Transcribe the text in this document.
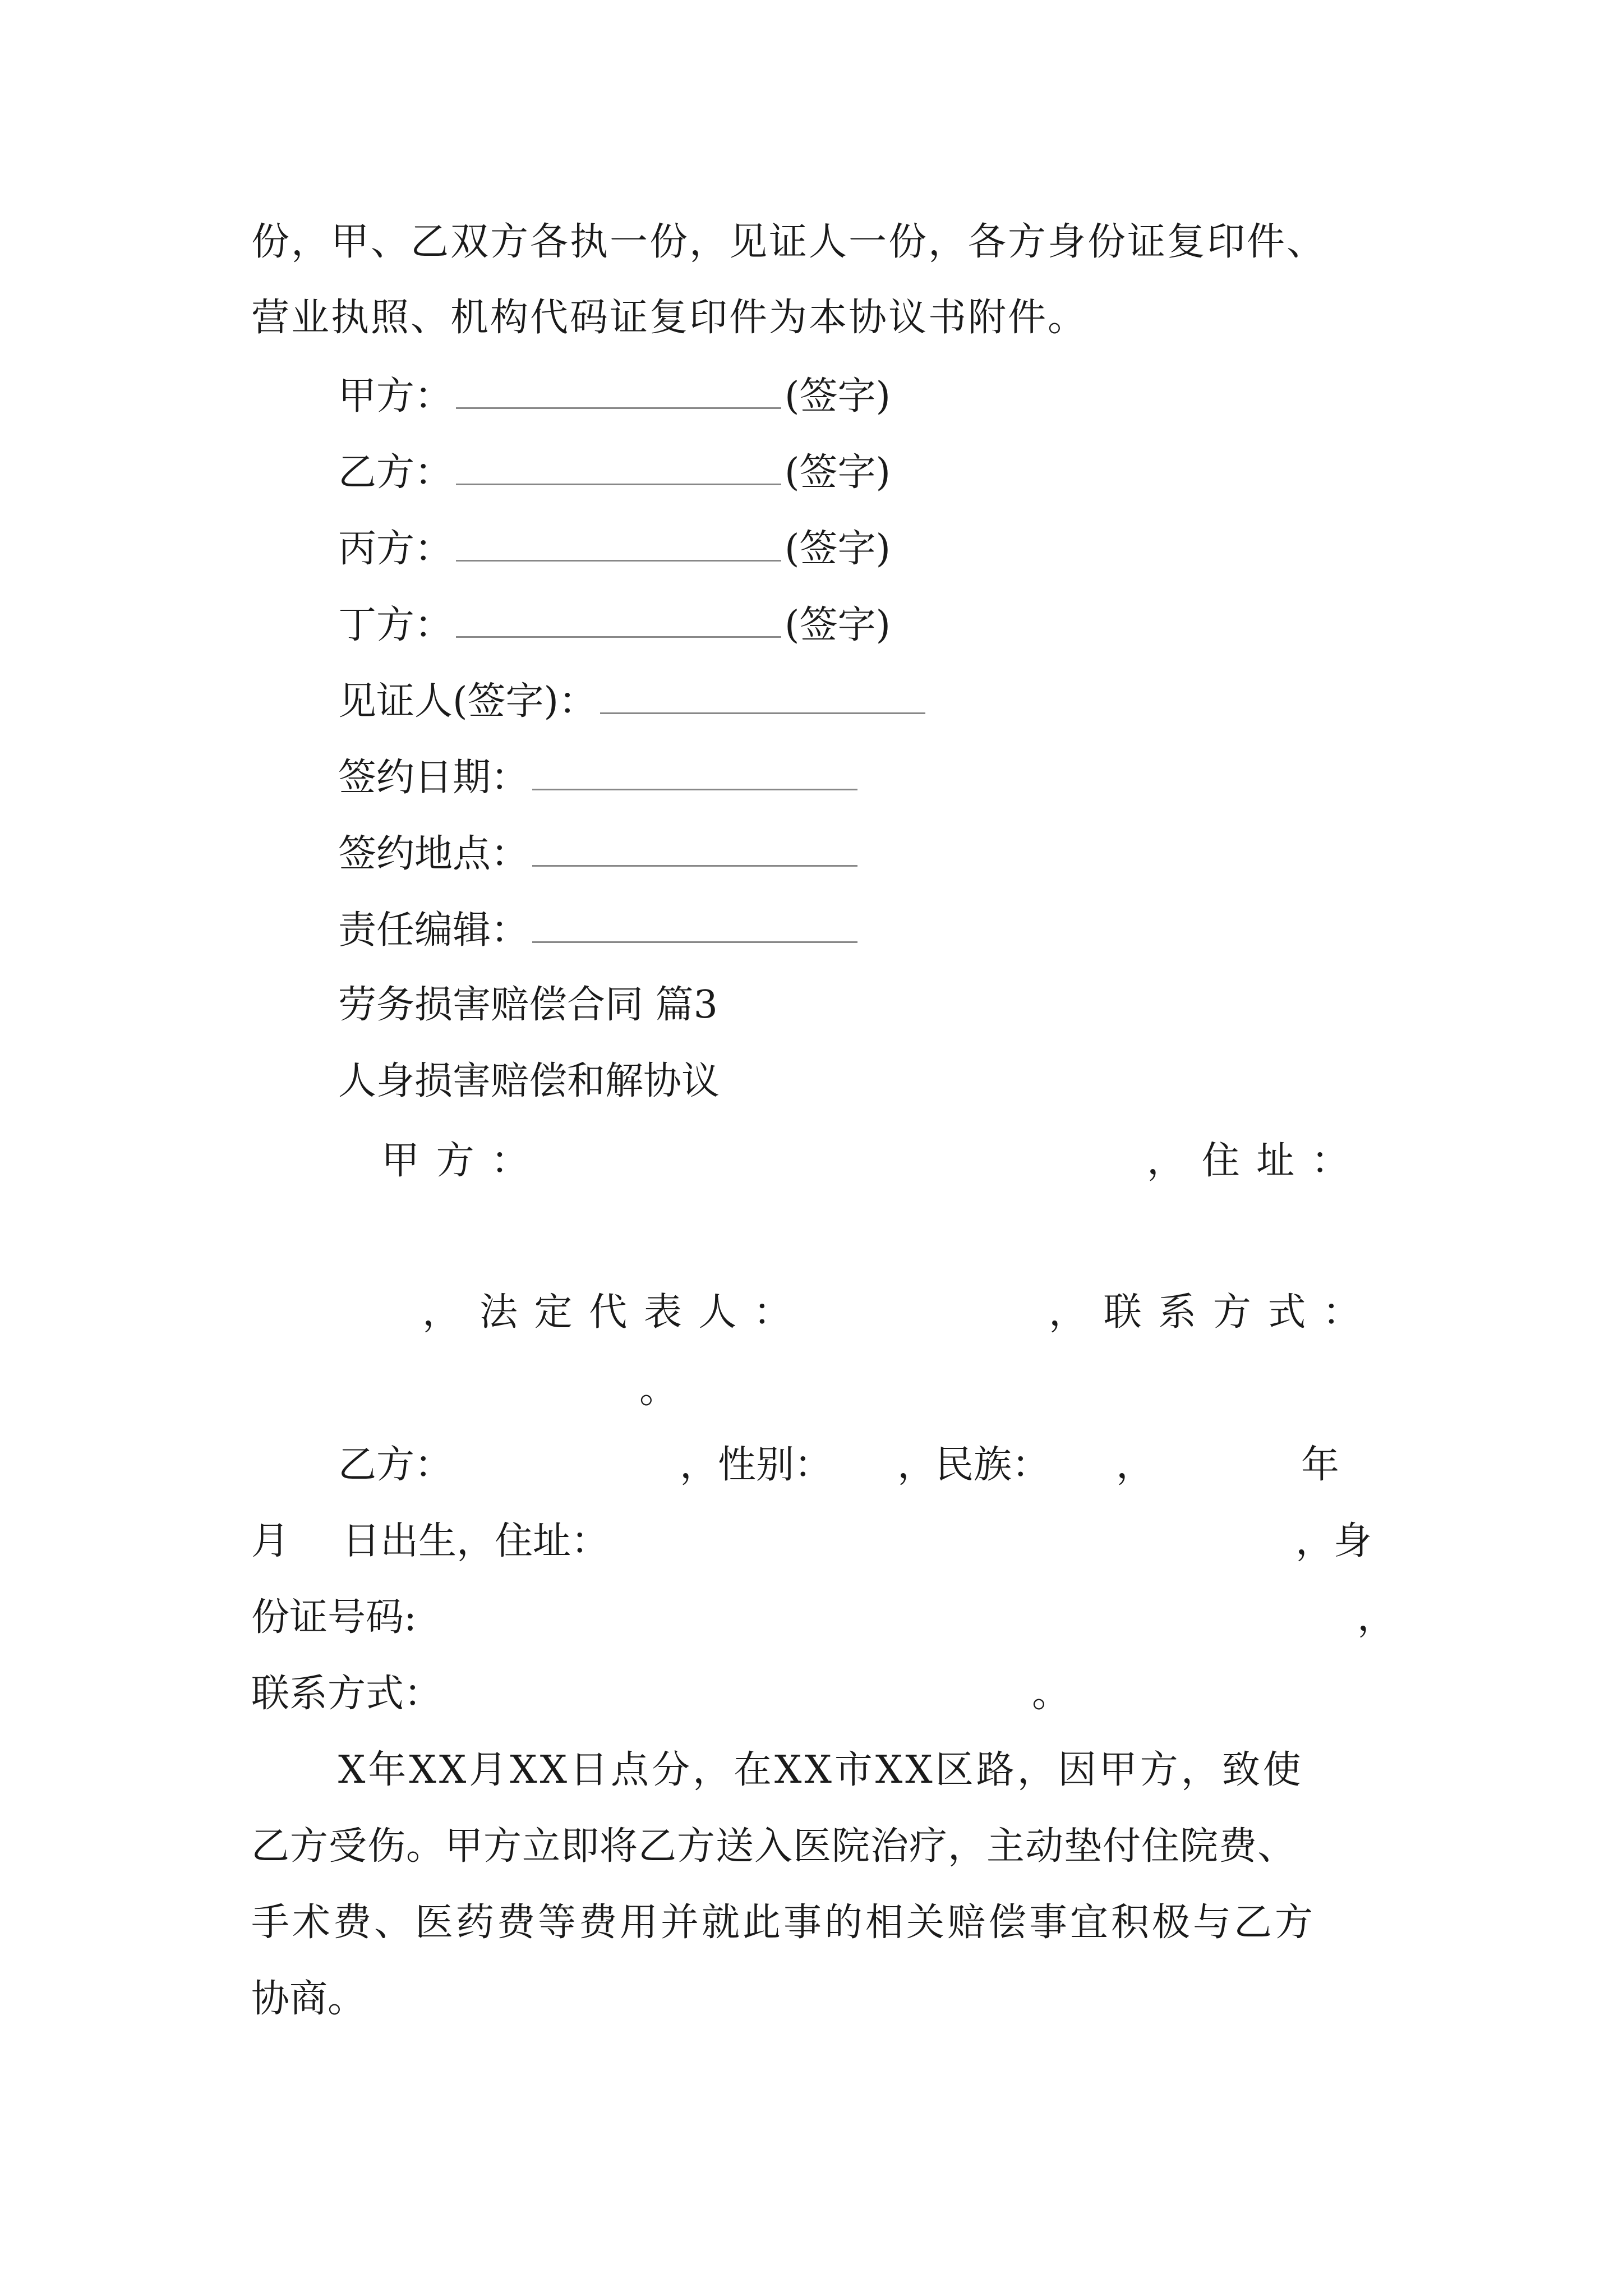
份，甲、乙双方各执一份，见证人一份，各方身份证复印件、
营业执照、机构代码证复印件为本协议书附件。
甲方：	(签字)
乙方：	(签字)
丙方：	(签字)
丁方：	(签字)
见证人(签字)：
签约日期：
签约地点：
责任编辑：
劳务损害赔偿合同 篇3
人身损害赔偿和解协议
甲 方 ：	， 住 址 ：
， 法 定 代 表 人 ：	， 联 系 方 式 ：
。
乙方：	，性别： ，民族： ，	年
月 日出生，住址：	，身
份证号码:	，
联系方式：	。
X年XX月XX日点分，在XX市XX区路，因甲方，致使
乙方受伤。甲方立即将乙方送入医院治疗，主动垫付住院费、
手术费、医药费等费用并就此事的相关赔偿事宜积极与乙方
协商。
